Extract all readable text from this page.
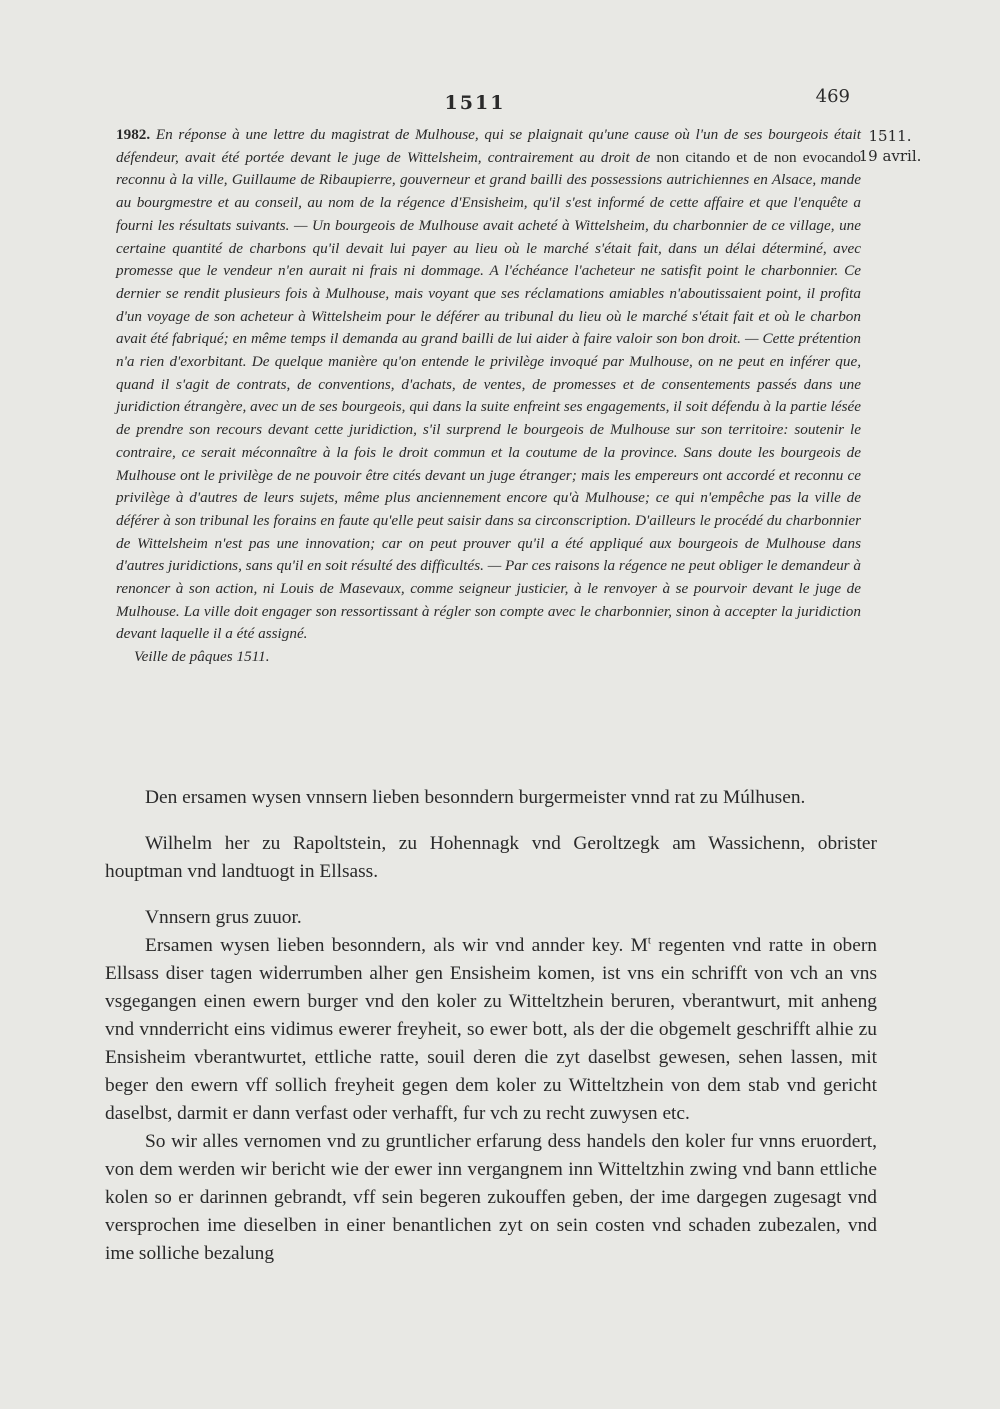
1511	469
1511.
19 avril.
1982. En réponse à une lettre du magistrat de Mulhouse, qui se plaignait qu'une cause où l'un de ses bourgeois était défendeur, avait été portée devant le juge de Wittelsheim, contrairement au droit de non citando et de non evocando reconnu à la ville, Guillaume de Ribaupierre, gouverneur et grand bailli des possessions autrichiennes en Alsace, mande au bourgmestre et au conseil, au nom de la régence d'Ensisheim, qu'il s'est informé de cette affaire et que l'enquête a fourni les résultats suivants. — Un bourgeois de Mulhouse avait acheté à Wittelsheim, du charbonnier de ce village, une certaine quantité de charbons qu'il devait lui payer au lieu où le marché s'était fait, dans un délai déterminé, avec promesse que le vendeur n'en aurait ni frais ni dommage. A l'échéance l'acheteur ne satisfit point le charbonnier. Ce dernier se rendit plusieurs fois à Mulhouse, mais voyant que ses réclamations amiables n'aboutissaient point, il profita d'un voyage de son acheteur à Wittelsheim pour le déférer au tribunal du lieu où le marché s'était fait et où le charbon avait été fabriqué; en même temps il demanda au grand bailli de lui aider à faire valoir son bon droit. — Cette prétention n'a rien d'exorbitant. De quelque manière qu'on entende le privilège invoqué par Mulhouse, on ne peut en inférer que, quand il s'agit de contrats, de conventions, d'achats, de ventes, de promesses et de consentements passés dans une juridiction étrangère, avec un de ses bourgeois, qui dans la suite enfreint ses engagements, il soit défendu à la partie lésée de prendre son recours devant cette juridiction, s'il surprend le bourgeois de Mulhouse sur son territoire: soutenir le contraire, ce serait méconnaître à la fois le droit commun et la coutume de la province. Sans doute les bourgeois de Mulhouse ont le privilège de ne pouvoir être cités devant un juge étranger; mais les empereurs ont accordé et reconnu ce privilège à d'autres de leurs sujets, même plus anciennement encore qu'à Mulhouse; ce qui n'empêche pas la ville de déférer à son tribunal les forains en faute qu'elle peut saisir dans sa circonscription. D'ailleurs le procédé du charbonnier de Wittelsheim n'est pas une innovation; car on peut prouver qu'il a été appliqué aux bourgeois de Mulhouse dans d'autres juridictions, sans qu'il en soit résulté des difficultés. — Par ces raisons la régence ne peut obliger le demandeur à renoncer à son action, ni Louis de Masevaux, comme seigneur justicier, à le renvoyer à se pourvoir devant le juge de Mulhouse. La ville doit engager son ressortissant à régler son compte avec le charbonnier, sinon à accepter la juridiction devant laquelle il a été assigné.
Veille de pâques 1511.

Den ersamen wysen vnnsern lieben besonndern burgermeister vnnd rat zu Múlhusen.

Wilhelm her zu Rapoltstein, zu Hohennagk vnd Geroltzegk am Wassichenn, obrister houptman vnd landtuogt in Ellsass.

Vnnsern grus zuuor.

Ersamen wysen lieben besonndern, als wir vnd annder key. $M^t$ regenten vnd ratte in obern Ellsass diser tagen widerrumben alher gen Ensisheim komen, ist vns ein schrifft von vch an vns vsgegangen einen ewern burger vnd den koler zu Witteltzhein beruren, vberantwurt, mit anheng vnd vnnderricht eins vidimus ewerer freyheit, so ewer bott, als der die obgemelt geschrifft alhie zu Ensisheim vberantwurtet, ettliche ratte, souil deren die zyt daselbst gewesen, sehen lassen, mit beger den ewern vff sollich freyheit gegen dem koler zu Witteltzhein von dem stab vnd gericht daselbst, darmit er dann verfast oder verhafft, fur vch zu recht zuwysen etc.

So wir alles vernomen vnd zu gruntlicher erfarung dess handels den koler fur vnns eruordert, von dem werden wir bericht wie der ewer inn vergangnem inn Witteltzhin zwing vnd bann ettliche kolen so er darinnen gebrandt, vff sein begeren zukouffen geben, der ime dargegen zugesagt vnd versprochen ime dieselben in einer benantlichen zyt on sein costen vnd schaden zubezalen, vnd ime solliche bezalung
